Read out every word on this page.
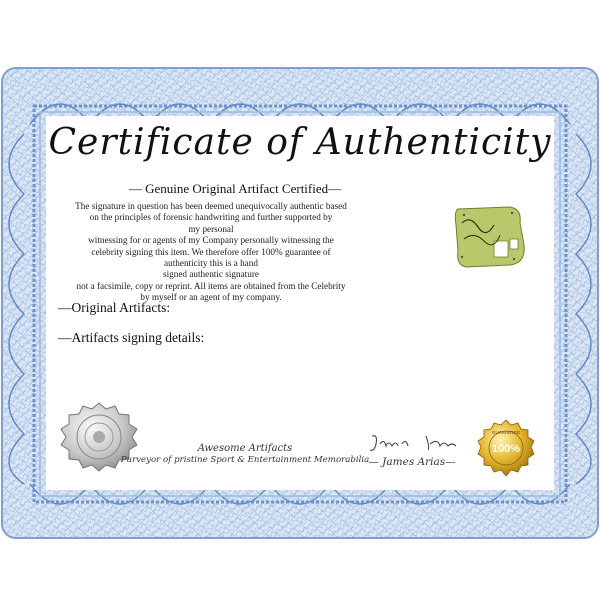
Certificate of Authenticity
— Genuine Original Artifact Certified—
The signature in question has been deemed unequivocally authentic based
on the principles of forensic handwriting and further supported by
my personal
witnessing for or agents of my Company personally witnessing the
celebrity signing this item. We therefore offer 100% guarantee of
authenticity this is a hand
signed authentic signature
not a facsimile, copy or reprint. All items are obtained from the Celebrity
by myself or an agent of my company.
—Original Artifacts:
—Artifacts signing details:
Awesome Artifacts
Purveyor of pristine Sport & Entertainment Memorabilia — James Arias—
100%
GUARANTEE
